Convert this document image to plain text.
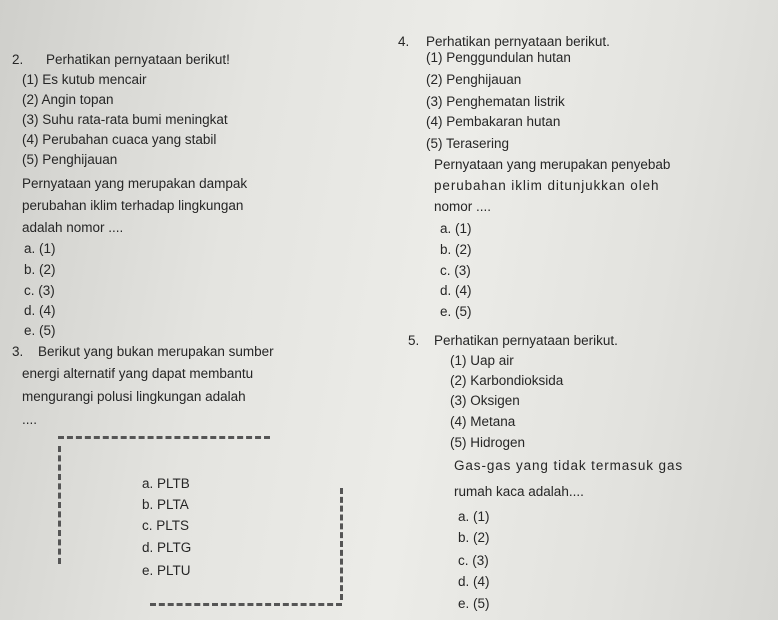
2. Perhatikan pernyataan berikut!
(1) Es kutub mencair
(2) Angin topan
(3) Suhu rata-rata bumi meningkat
(4) Perubahan cuaca yang stabil
(5) Penghijauan
Pernyataan yang merupakan dampak
perubahan iklim terhadap lingkungan
adalah nomor ....
a. (1)
b. (2)
c. (3)
d. (4)
e. (5)
3. Berikut yang bukan merupakan sumber
energi alternatif yang dapat membantu
mengurangi polusi lingkungan adalah
....
a. PLTB
b. PLTA
c. PLTS
d. PLTG
e. PLTU
4. Perhatikan pernyataan berikut.
(1) Penggundulan hutan
(2) Penghijauan
(3) Penghematan listrik
(4) Pembakaran hutan
(5) Terasering
Pernyataan yang merupakan penyebab
perubahan iklim ditunjukkan oleh
nomor ....
a. (1)
b. (2)
c. (3)
d. (4)
e. (5)
5. Perhatikan pernyataan berikut.
(1) Uap air
(2) Karbondioksida
(3) Oksigen
(4) Metana
(5) Hidrogen
Gas-gas yang tidak termasuk gas
rumah kaca adalah....
a. (1)
b. (2)
c. (3)
d. (4)
e. (5)
